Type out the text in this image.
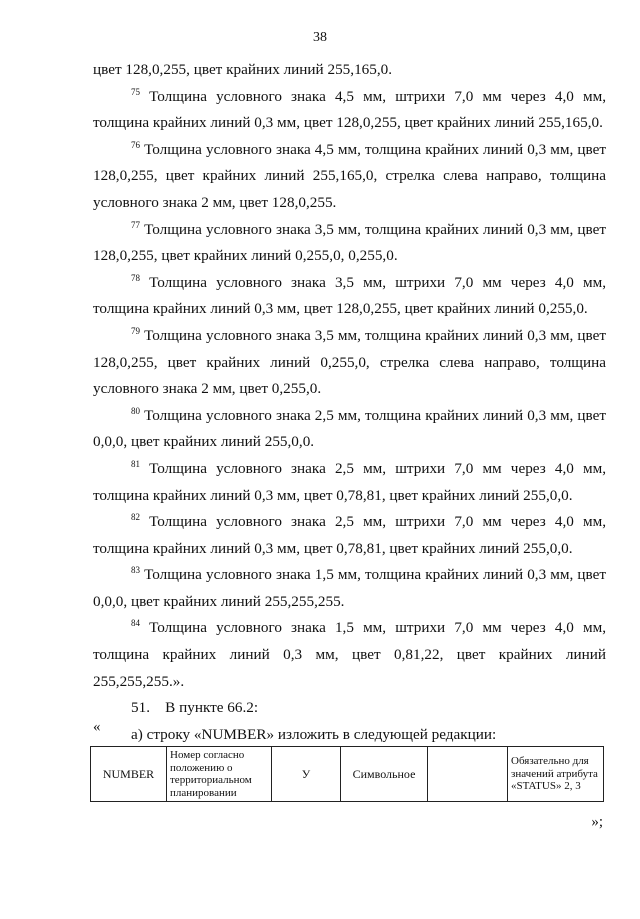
38

цвет 128,0,255, цвет крайних линий 255,165,0.

$^{75}$ Толщина условного знака 4,5 мм, штрихи 7,0 мм через 4,0 мм, толщина крайних линий 0,3 мм, цвет 128,0,255, цвет крайних линий 255,165,0.

$^{76}$ Толщина условного знака 4,5 мм, толщина крайних линий 0,3 мм, цвет 128,0,255, цвет крайних линий 255,165,0, стрелка слева направо, толщина условного знака 2 мм, цвет 128,0,255.

$^{77}$ Толщина условного знака 3,5 мм, толщина крайних линий 0,3 мм, цвет 128,0,255, цвет крайних линий 0,255,0, 0,255,0.

$^{78}$ Толщина условного знака 3,5 мм, штрихи 7,0 мм через 4,0 мм, толщина крайних линий 0,3 мм, цвет 128,0,255, цвет крайних линий 0,255,0.

$^{79}$ Толщина условного знака 3,5 мм, толщина крайних линий 0,3 мм, цвет 128,0,255, цвет крайних линий 0,255,0, стрелка слева направо, толщина условного знака 2 мм, цвет 0,255,0.

$^{80}$ Толщина условного знака 2,5 мм, толщина крайних линий 0,3 мм, цвет 0,0,0, цвет крайних линий 255,0,0.

$^{81}$ Толщина условного знака 2,5 мм, штрихи 7,0 мм через 4,0 мм, толщина крайних линий 0,3 мм, цвет 0,78,81, цвет крайних линий 255,0,0.

$^{82}$ Толщина условного знака 2,5 мм, штрихи 7,0 мм через 4,0 мм, толщина крайних линий 0,3 мм, цвет 0,78,81, цвет крайних линий 255,0,0.

$^{83}$ Толщина условного знака 1,5 мм, толщина крайних линий 0,3 мм, цвет 0,0,0, цвет крайних линий 255,255,255.

$^{84}$ Толщина условного знака 1,5 мм, штрихи 7,0 мм через 4,0 мм, толщина крайних линий 0,3 мм, цвет 0,81,22, цвет крайних линий 255,255,255.».

51.    В пункте 66.2:

а) строку «NUMBER» изложить в следующей редакции:

«
NUMBER	Номер согласно положению о территориальном планировании	У	Символьное		Обязательно для значений атрибута «STATUS» 2, 3
»;
